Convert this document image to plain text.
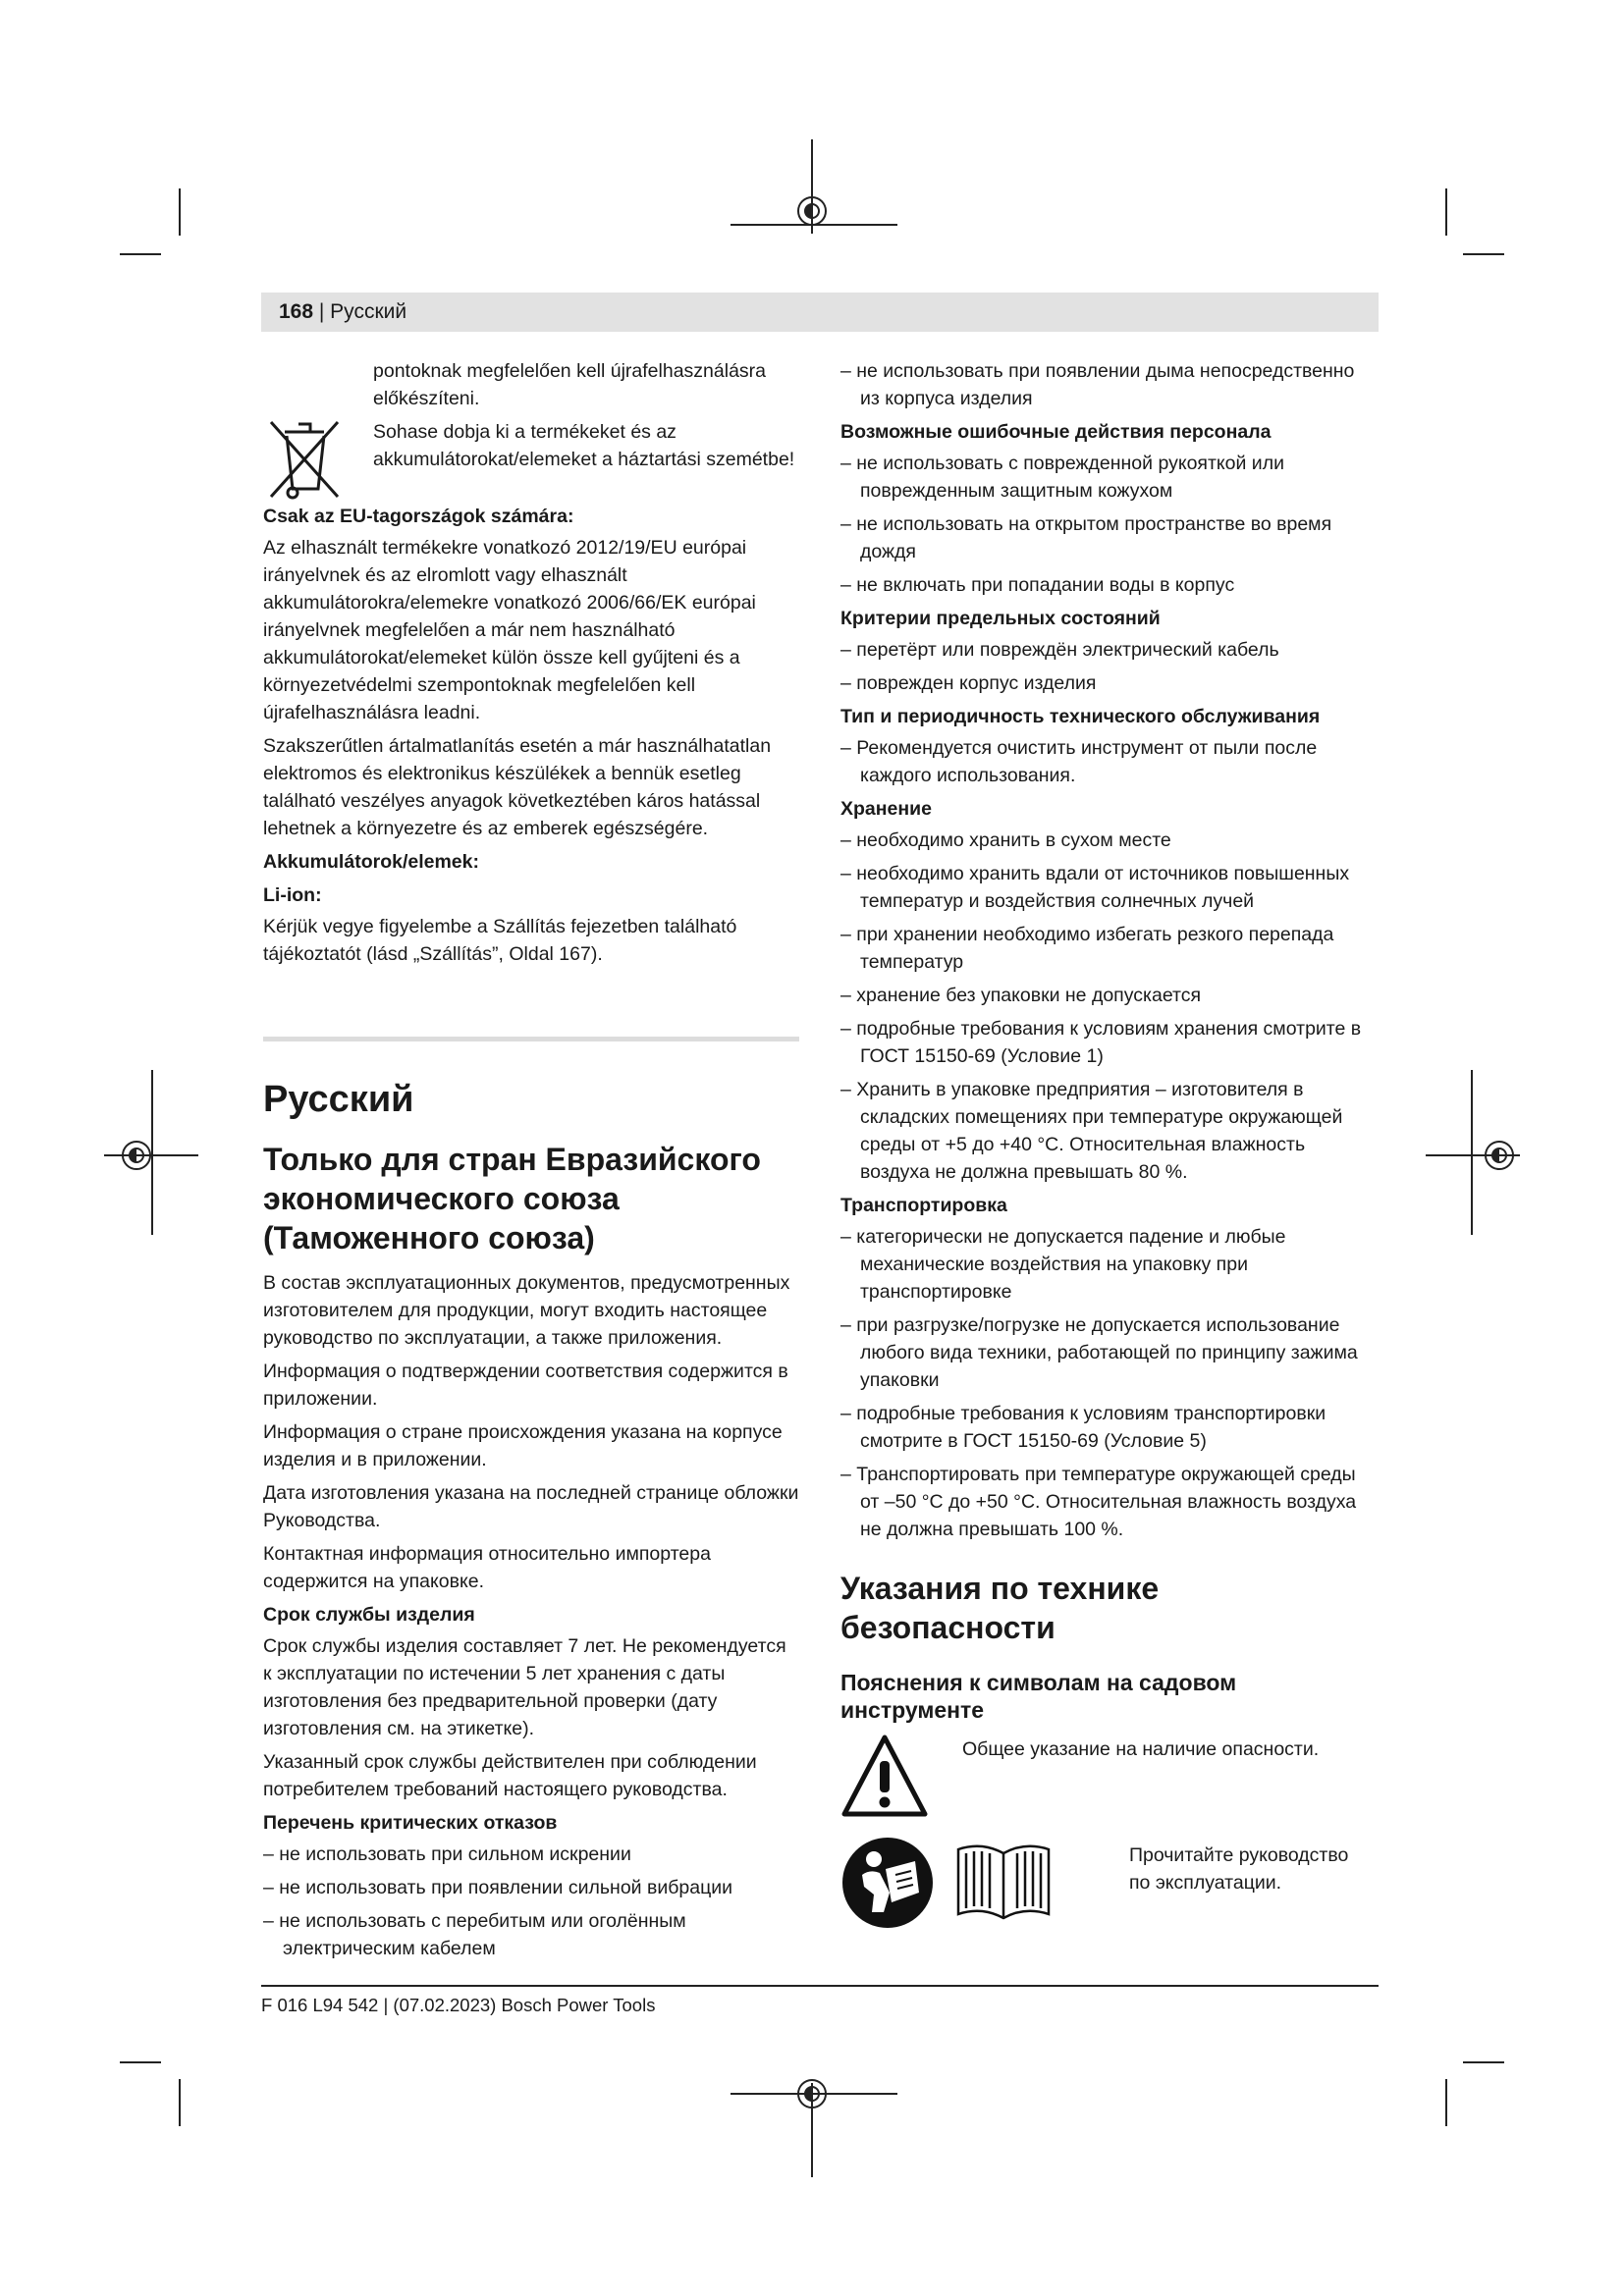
168 | Русский

pontoknak megfelelően kell újrafelhasználásra előkészíteni.

Sohase dobja ki a termékeket és az akkumulátorokat/elemeket a háztartási szemétbe!

Csak az EU-tagországok számára:

Az elhasznált termékekre vonatkozó 2012/19/EU európai irányelvnek és az elromlott vagy elhasznált akkumulátorokra/elemekre vonatkozó 2006/66/EK európai irányelvnek megfelelően a már nem használható akkumulátorokat/elemeket külön össze kell gyűjteni és a környezetvédelmi szempontoknak megfelelően kell újrafelhasználásra leadni.

Szakszerűtlen ártalmatlanítás esetén a már használhatatlan elektromos és elektronikus készülékek a bennük esetleg található veszélyes anyagok következtében káros hatással lehetnek a környezetre és az emberek egészségére.

Akkumulátorok/elemek:
Li-ion:

Kérjük vegye figyelembe a Szállítás fejezetben található tájékoztatót (lásd „Szállítás”, Oldal 167).

Русский
Только для стран Евразийского экономического союза (Таможенного союза)

В состав эксплуатационных документов, предусмотренных изготовителем для продукции, могут входить настоящее руководство по эксплуатации, а также приложения.

Информация о подтверждении соответствия содержится в приложении.

Информация о стране происхождения указана на корпусе изделия и в приложении.

Дата изготовления указана на последней странице обложки Руководства.

Контактная информация относительно импортера содержится на упаковке.

Срок службы изделия

Срок службы изделия составляет 7 лет. Не рекомендуется к эксплуатации по истечении 5 лет хранения с даты изготовления без предварительной проверки (дату изготовления см. на этикетке).

Указанный срок службы действителен при соблюдении потребителем требований настоящего руководства.

Перечень критических отказов
– не использовать при сильном искрении
– не использовать при появлении сильной вибрации
– не использовать с перебитым или оголённым электрическим кабелем
– не использовать при появлении дыма непосредственно из корпуса изделия
Возможные ошибочные действия персонала
– не использовать с поврежденной рукояткой или поврежденным защитным кожухом
– не использовать на открытом пространстве во время дождя
– не включать при попадании воды в корпус
Критерии предельных состояний
– перетёрт или повреждён электрический кабель
– поврежден корпус изделия
Тип и периодичность технического обслуживания
– Рекомендуется очистить инструмент от пыли после каждого использования.
Хранение
– необходимо хранить в сухом месте
– необходимо хранить вдали от источников повышенных температур и воздействия солнечных лучей
– при хранении необходимо избегать резкого перепада температур
– хранение без упаковки не допускается
– подробные требования к условиям хранения смотрите в ГОСТ 15150-69 (Условие 1)
– Хранить в упаковке предприятия – изготовителя в складских помещениях при температуре окружающей среды от +5 до +40 °C. Относительная влажность воздуха не должна превышать 80 %.
Транспортировка
– категорически не допускается падение и любые механические воздействия на упаковку при транспортировке
– при разгрузке/погрузке не допускается использование любого вида техники, работающей по принципу зажима упаковки
– подробные требования к условиям транспортировки смотрите в ГОСТ 15150-69 (Условие 5)
– Транспортировать при температуре окружающей среды от –50 °C до +50 °C. Относительная влажность воздуха не должна превышать 100 %.
Указания по технике безопасности
Пояснения к символам на садовом инструменте
Общее указание на наличие опасности.
Прочитайте руководство по эксплуатации.
F 016 L94 542 | (07.02.2023) Bosch Power Tools
